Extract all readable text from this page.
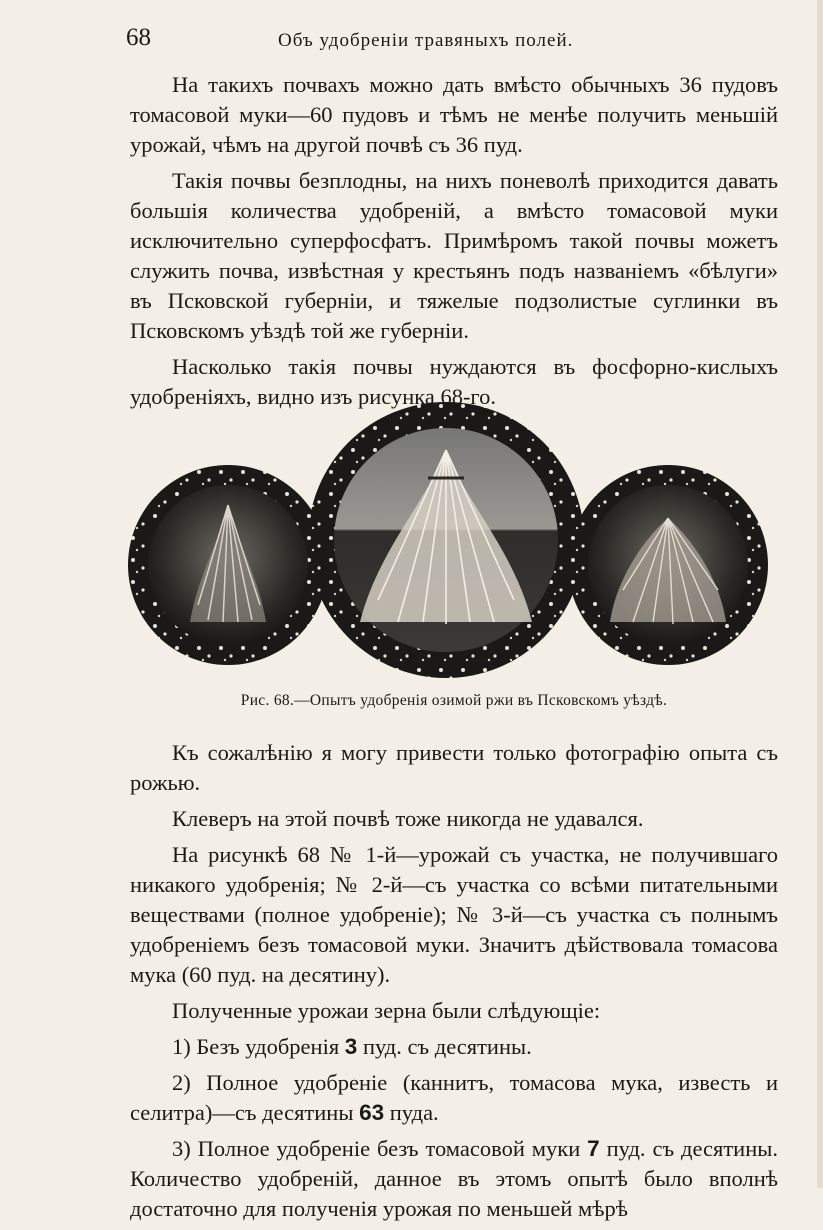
68	Объ удобреніи травяныхъ полей.

На такихъ почвахъ можно дать вмѣсто обычныхъ 36 пудовъ томасовой муки—60 пудовъ и тѣмъ не менѣе получить меньшій урожай, чѣмъ на другой почвѣ съ 36 пуд.

Такія почвы безплодны, на нихъ поневолѣ приходится давать большія количества удобреній, а вмѣсто томасовой муки исключительно суперфосфатъ. Примѣромъ такой почвы можетъ служить почва, извѣстная у крестьянъ подъ названіемъ «бѣлуги» въ Псковской губерніи, и тяжелые подзолистые суглинки въ Псковскомъ уѣздѣ той же губерніи.

Насколько такія почвы нуждаются въ фосфорно-кислыхъ удобреніяхъ, видно изъ рисунка 68-го.

Рис. 68.—Опытъ удобренія озимой ржи въ Псковскомъ уѣздѣ.

Къ сожалѣнію я могу привести только фотографію опыта съ рожью.

Клеверъ на этой почвѣ тоже никогда не удавался.

На рисункѣ 68 № 1-й—урожай съ участка, не получившаго никакого удобренія; № 2-й—съ участка со всѣми питательными веществами (полное удобреніе); № 3-й—съ участка съ полнымъ удобреніемъ безъ томасовой муки. Значитъ дѣйствовала томасова мука (60 пуд. на десятину).

Полученные урожаи зерна были слѣдующіе:

1) Безъ удобренія 3 пуд. съ десятины.

2) Полное удобреніе (каннитъ, томасова мука, известь и селитра)—съ десятины 63 пуда.

3) Полное удобреніе безъ томасовой муки 7 пуд. съ десятины. Количество удобреній, данное въ этомъ опытѣ было вполнѣ достаточно для полученія урожая по меньшей мѣрѣ
